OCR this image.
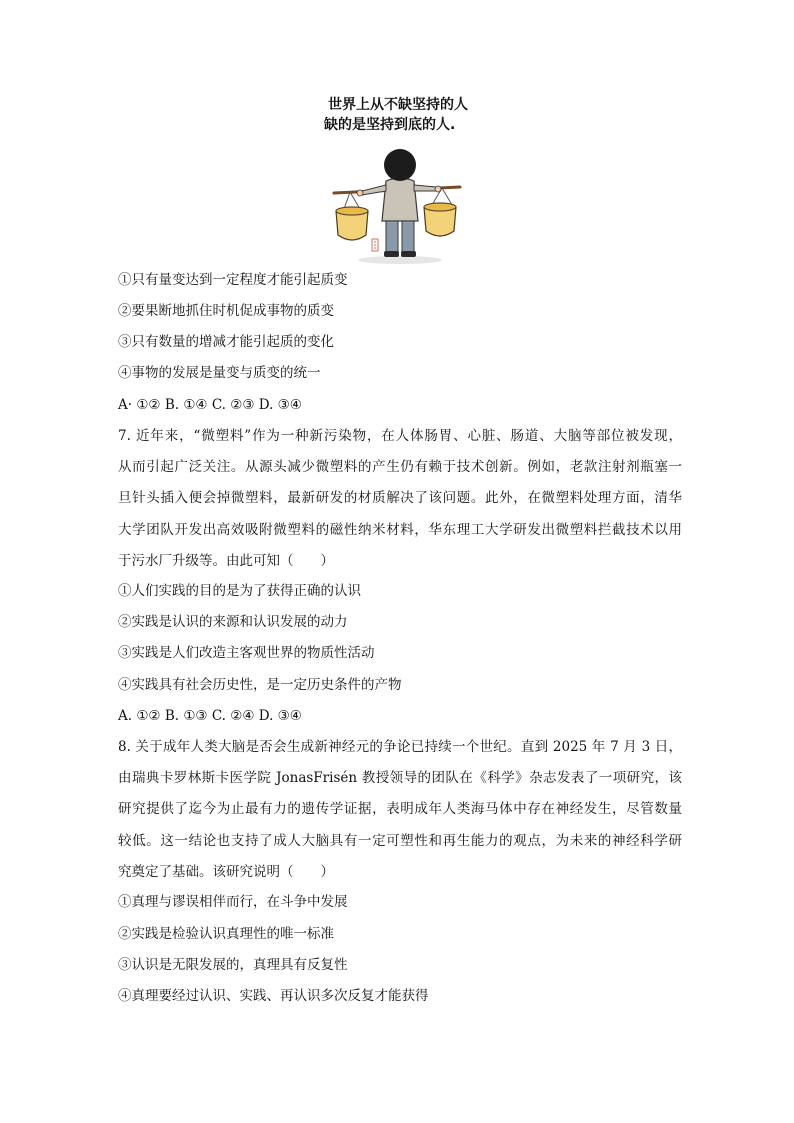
世界上从不缺坚持的人
缺的是坚持到底的人.
①只有量变达到一定程度才能引起质变
②要果断地抓住时机促成事物的质变
③只有数量的增减才能引起质的变化
④事物的发展是量变与质变的统一
A· ①② B. ①④ C. ②③ D. ③④
7. 近年来，“微塑料”作为一种新污染物，在人体肠胃、心脏、肠道、大脑等部位被发现，
从而引起广泛关注。从源头减少微塑料的产生仍有赖于技术创新。例如，老款注射剂瓶塞一
旦针头插入便会掉微塑料，最新研发的材质解决了该问题。此外，在微塑料处理方面，清华
大学团队开发出高效吸附微塑料的磁性纳米材料，华东理工大学研发出微塑料拦截技术以用
于污水厂升级等。由此可知（　　）
①人们实践的目的是为了获得正确的认识
②实践是认识的来源和认识发展的动力
③实践是人们改造主客观世界的物质性活动
④实践具有社会历史性，是一定历史条件的产物
A. ①② B. ①③ C. ②④ D. ③④
8. 关于成年人类大脑是否会生成新神经元的争论已持续一个世纪。直到 2025 年 7 月 3 日，
由瑞典卡罗林斯卡医学院 JonasFrisén 教授领导的团队在《科学》杂志发表了一项研究，该
研究提供了迄今为止最有力的遗传学证据，表明成年人类海马体中存在神经发生，尽管数量
较低。这一结论也支持了成人大脑具有一定可塑性和再生能力的观点，为未来的神经科学研
究奠定了基础。该研究说明（　　）
①真理与谬误相伴而行，在斗争中发展
②实践是检验认识真理性的唯一标准
③认识是无限发展的，真理具有反复性
④真理要经过认识、实践、再认识多次反复才能获得
